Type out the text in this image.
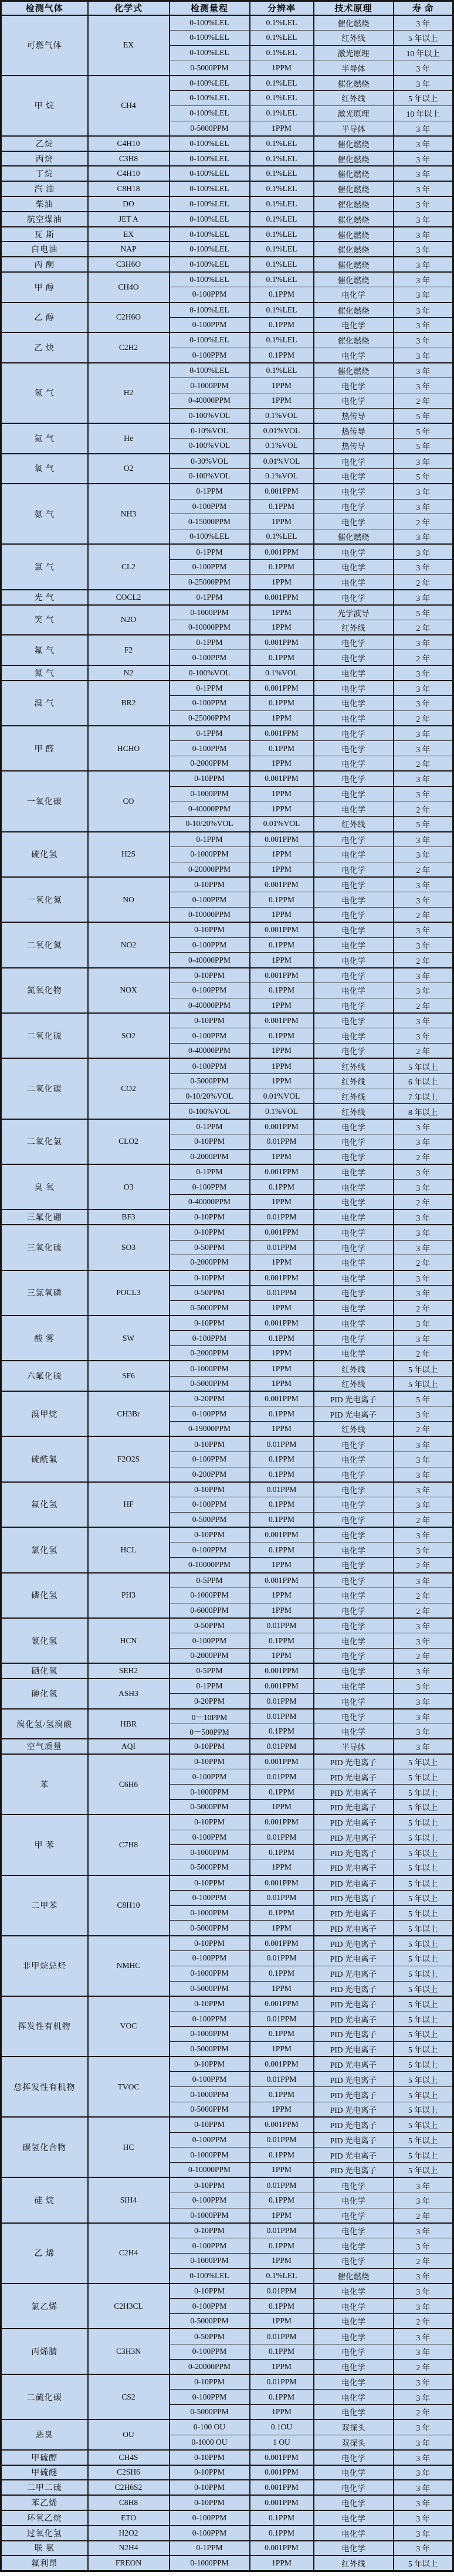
检测气体	化学式	检测量程	分辨率	技术原理	寿 命
可燃气体	EX	0-100%LEL	0.1%LEL	催化燃烧	3 年
		0-100%LEL	0.1%LEL	红外线	5 年以上
		0-100%LEL	0.1%LEL	激光原理	10 年以上
		0-5000PPM	1PPM	半导体	3 年
甲 烷	CH4	0-100%LEL	0.1%LEL	催化燃烧	3 年
		0-100%LEL	0.1%LEL	红外线	5 年以上
		0-100%LEL	0.1%LEL	激光原理	10 年以上
		0-5000PPM	1PPM	半导体	3 年
乙烷	C4H10	0-100%LEL	0.1%LEL	催化燃烧	3 年
丙烷	C3H8	0-100%LEL	0.1%LEL	催化燃烧	3 年
丁烷	C4H10	0-100%LEL	0.1%LEL	催化燃烧	3 年
汽 油	C8H18	0-100%LEL	0.1%LEL	催化燃烧	3 年
柴油	DO	0-100%LEL	0.1%LEL	催化燃烧	3 年
航空煤油	JET A	0-100%LEL	0.1%LEL	催化燃烧	3 年
瓦 斯	EX	0-100%LEL	0.1%LEL	催化燃烧	3 年
白电油	NAP	0-100%LEL	0.1%LEL	催化燃烧	3 年
丙 酮	C3H6O	0-100%LEL	0.1%LEL	催化燃烧	3 年
甲 醇	CH4O	0-100%LEL	0.1%LEL	催化燃烧	3 年
		0-100PPM	0.1PPM	电化学	3 年
乙 醇	C2H6O	0-100%LEL	0.1%LEL	催化燃烧	3 年
		0-100PPM	0.1PPM	电化学	3 年
乙 炔	C2H2	0-100%LEL	0.1%LEL	催化燃烧	3 年
		0-100PPM	0.1PPM	电化学	3 年
氢 气	H2	0-100%LEL	0.1%LEL	催化燃烧	3 年
		0-1000PPM	1PPM	电化学	3 年
		0-40000PPM	1PPM	电化学	2 年
		0-100%VOL	0.1%VOL	热传导	5 年
氦 气	He	0-10%VOL	0.01%VOL	热传导	5 年
		0-100%VOL	0.1%VOL	热传导	5 年
氧 气	O2	0-30%VOL	0.01%VOL	电化学	3 年
		0-100%VOL	0.1%VOL	电化学	5 年
氨 气	NH3	0-1PPM	0.001PPM	电化学	3 年
		0-100PPM	0.1PPM	电化学	3 年
		0-15000PPM	1PPM	电化学	2 年
		0-100%LEL	0.1%LEL	催化燃烧	3 年
氯 气	CL2	0-1PPM	0.001PPM	电化学	3 年
		0-100PPM	0.1PPM	电化学	3 年
		0-25000PPM	1PPM	电化学	2 年
光 气	COCL2	0-1PPM	0.001PPM	电化学	3 年
笑 气	N2O	0-1000PPM	1PPM	光学波导	5 年
		0-10000PPM	1PPM	红外线	2 年
氟 气	F2	0-1PPM	0.001PPM	电化学	3 年
		0-100PPM	0.1PPM	电化学	2 年
氮 气	N2	0-100%VOL	0.1%VOL	电化学	3 年
溴 气	BR2	0-1PPM	0.001PPM	电化学	3 年
		0-100PPM	0.1PPM	电化学	3 年
		0-25000PPM	1PPM	电化学	2 年
甲 醛	HCHO	0-1PPM	0.001PPM	电化学	3 年
		0-100PPM	0.1PPM	电化学	3 年
		0-2000PPM	1PPM	电化学	2 年
一氧化碳	CO	0-10PPM	0.001PPM	电化学	3 年
		0-1000PPM	1PPM	电化学	3 年
		0-40000PPM	1PPM	电化学	2 年
		0-10/20%VOL	0.01%VOL	红外线	5 年
硫化氢	H2S	0-1PPM	0.001PPM	电化学	3 年
		0-1000PPM	1PPM	电化学	3 年
		0-20000PPM	1PPM	电化学	2 年
一氧化氮	NO	0-10PPM	0.001PPM	电化学	3 年
		0-100PPM	0.1PPM	电化学	3 年
		0-10000PPM	1PPM	电化学	2 年
二氧化氮	NO2	0-10PPM	0.001PPM	电化学	3 年
		0-100PPM	0.1PPM	电化学	3 年
		0-40000PPM	1PPM	电化学	2 年
氮氧化物	NOX	0-10PPM	0.001PPM	电化学	3 年
		0-100PPM	0.1PPM	电化学	3 年
		0-40000PPM	1PPM	电化学	2 年
二氧化硫	SO2	0-10PPM	0.001PPM	电化学	3 年
		0-100PPM	0.1PPM	电化学	3 年
		0-40000PPM	1PPM	电化学	2 年
二氧化碳	CO2	0-100PPM	1PPM	红外线	5 年以上
		0-5000PPM	1PPM	红外线	6 年以上
		0-10/20%VOL	0.01%VOL	红外线	7 年以上
		0-100%VOL	0.1%VOL	红外线	8 年以上
二氧化氯	CLO2	0-1PPM	0.001PPM	电化学	3 年
		0-10PPM	0.01PPM	电化学	3 年
		0-2000PPM	1PPM	电化学	2 年
臭 氧	O3	0-1PPM	0.001PPM	电化学	3 年
		0-100PPM	0.1PPM	电化学	3 年
		0-40000PPM	1PPM	电化学	2 年
三氟化硼	BF3	0-10PPM	0.01PPM	电化学	3 年
三氧化硫	SO3	0-10PPM	0.001PPM	电化学	3 年
		0-50PPM	0.01PPM	电化学	3 年
		0-2000PPM	1PPM	电化学	2 年
三氯氧磷	POCL3	0-10PPM	0.001PPM	电化学	3 年
		0-50PPM	0.01PPM	电化学	3 年
		0-5000PPM	1PPM	电化学	2 年
酸 雾	SW	0-10PPM	0.001PPM	电化学	3 年
		0-100PPM	0.1PPM	电化学	3 年
		0-2000PPM	1PPM	电化学	2 年
六氟化硫	SF6	0-1000PPM	1PPM	红外线	5 年以上
		0-5000PPM	1PPM	红外线	5 年以上
溴甲烷	CH3Br	0-20PPM	0.001PPM	PID 光电离子	5 年
		0-100PPM	0.1PPM	PID 光电离子	3 年
		0-19000PPM	1PPM	红外线	2 年
硫酰氟	F2O2S	0-10PPM	0.01PPM	电化学	3 年
		0-100PPM	0.1PPM	电化学	3 年
		0-200PPM	0.1PPM	电化学	3 年
氟化氢	HF	0-10PPM	0.01PPM	电化学	3 年
		0-100PPM	0.1PPM	电化学	3 年
		0-500PPM	0.1PPM	电化学	2 年
氯化氢	HCL	0-10PPM	0.001PPM	电化学	3 年
		0-100PPM	0.1PPM	电化学	3 年
		0-10000PPM	1PPM	电化学	2 年
磷化氢	PH3	0-5PPM	0.001PPM	电化学	3 年
		0-1000PPM	1PPM	电化学	2 年
		0-6000PPM	1PPM	电化学	2 年
氰化氢	HCN	0-50PPM	0.01PPM	电化学	3 年
		0-100PPM	0.1PPM	电化学	3 年
		0-2000PPM	1PPM	电化学	2 年
硒化氢	SEH2	0-5PPM	0.001PPM	电化学	3 年
砷化氢	ASH3	0-1PPM	0.001PPM	电化学	3 年
		0-20PPM	0.01PPM	电化学	3 年
溴化氢/氢溴酸	HBR	0－10PPM	0.01PPM	电化学	3 年
		0－500PPM	0.1PPM	电化学	3 年
空气质量	AQI	0-10PPM	0.01PPM	半导体	3 年
苯	C6H6	0-10PPM	0.001PPM	PID 光电离子	5 年以上
		0-100PPM	0.01PPM	PID 光电离子	5 年以上
		0-1000PPM	0.1PPM	PID 光电离子	5 年以上
		0-5000PPM	1PPM	PID 光电离子	5 年以上
甲 苯	C7H8	0-10PPM	0.001PPM	PID 光电离子	5 年以上
		0-100PPM	0.01PPM	PID 光电离子	5 年以上
		0-1000PPM	0.1PPM	PID 光电离子	5 年以上
		0-5000PPM	1PPM	PID 光电离子	5 年以上
二甲苯	C8H10	0-10PPM	0.001PPM	PID 光电离子	5 年以上
		0-100PPM	0.01PPM	PID 光电离子	5 年以上
		0-1000PPM	0.1PPM	PID 光电离子	5 年以上
		0-5000PPM	1PPM	PID 光电离子	5 年以上
非甲烷总烃	NMHC	0-10PPM	0.001PPM	PID 光电离子	5 年以上
		0-100PPM	0.01PPM	PID 光电离子	5 年以上
		0-1000PPM	0.1PPM	PID 光电离子	5 年以上
		0-5000PPM	1PPM	PID 光电离子	5 年以上
挥发性有机物	VOC	0-10PPM	0.001PPM	PID 光电离子	5 年以上
		0-100PPM	0.01PPM	PID 光电离子	5 年以上
		0-1000PPM	0.1PPM	PID 光电离子	5 年以上
		0-5000PPM	1PPM	PID 光电离子	5 年以上
总挥发性有机物	TVOC	0-10PPM	0.001PPM	PID 光电离子	5 年以上
		0-100PPM	0.01PPM	PID 光电离子	5 年以上
		0-1000PPM	0.1PPM	PID 光电离子	5 年以上
		0-5000PPM	1PPM	PID 光电离子	5 年以上
碳氢化合物	HC	0-10PPM	0.001PPM	PID 光电离子	5 年以上
		0-100PPM	0.01PPM	PID 光电离子	5 年以上
		0-1000PPM	0.1PPM	PID 光电离子	5 年以上
		0-10000PPM	1PPM	PID 光电离子	5 年以上
硅 烷	SIH4	0-10PPM	0.01PPM	电化学	3 年
		0-100PPM	0.1PPM	电化学	3 年
		0-1000PPM	1PPM	电化学	2 年
乙 烯	C2H4	0-10PPM	0.01PPM	电化学	3 年
		0-100PPM	0.1PPM	电化学	3 年
		0-1000PPM	1PPM	电化学	2 年
		0-100%LEL	0.1%LEL	催化燃烧	3 年
氯乙烯	C2H3CL	0-10PPM	0.01PPM	电化学	3 年
		0-100PPM	0.1PPM	电化学	3 年
		0-5000PPM	1PPM	电化学	2 年
丙烯腈	C3H3N	0-50PPM	0.01PPM	电化学	3 年
		0-100PPM	0.1PPM	电化学	3 年
		0-20000PPM	1PPM	电化学	2 年
二硫化碳	CS2	0-10PPM	0.01PPM	电化学	3 年
		0-100PPM	0.1PPM	电化学	3 年
		0-5000PPM	1PPM	电化学	2 年
恶臭	OU	0-100 OU	0.1OU	双探头	3 年
		0-1000 OU	1 OU	双探头	3 年
甲硫醇	CH4S	0-10PPM	0.001PPM	电化学	3 年
甲硫醚	C2SH6	0-10PPM	0.001PPM	电化学	3 年
二甲二硫	C2H6S2	0-10PPM	0.001PPM	电化学	3 年
苯乙烯	C8H8	0-10PPM	0.001PPM	电化学	3 年
环氧乙烷	ETO	0-100PPM	0.1PPM	电化学	3 年
过氧化氢	H2O2	0-100PPM	0.1PPM	电化学	3 年
联 氨	N2H4	0-1PPM	0.001PPM	电化学	3 年
氟利昂	FREON	0-1000PPM	1PPM	红外线	5 年以上
